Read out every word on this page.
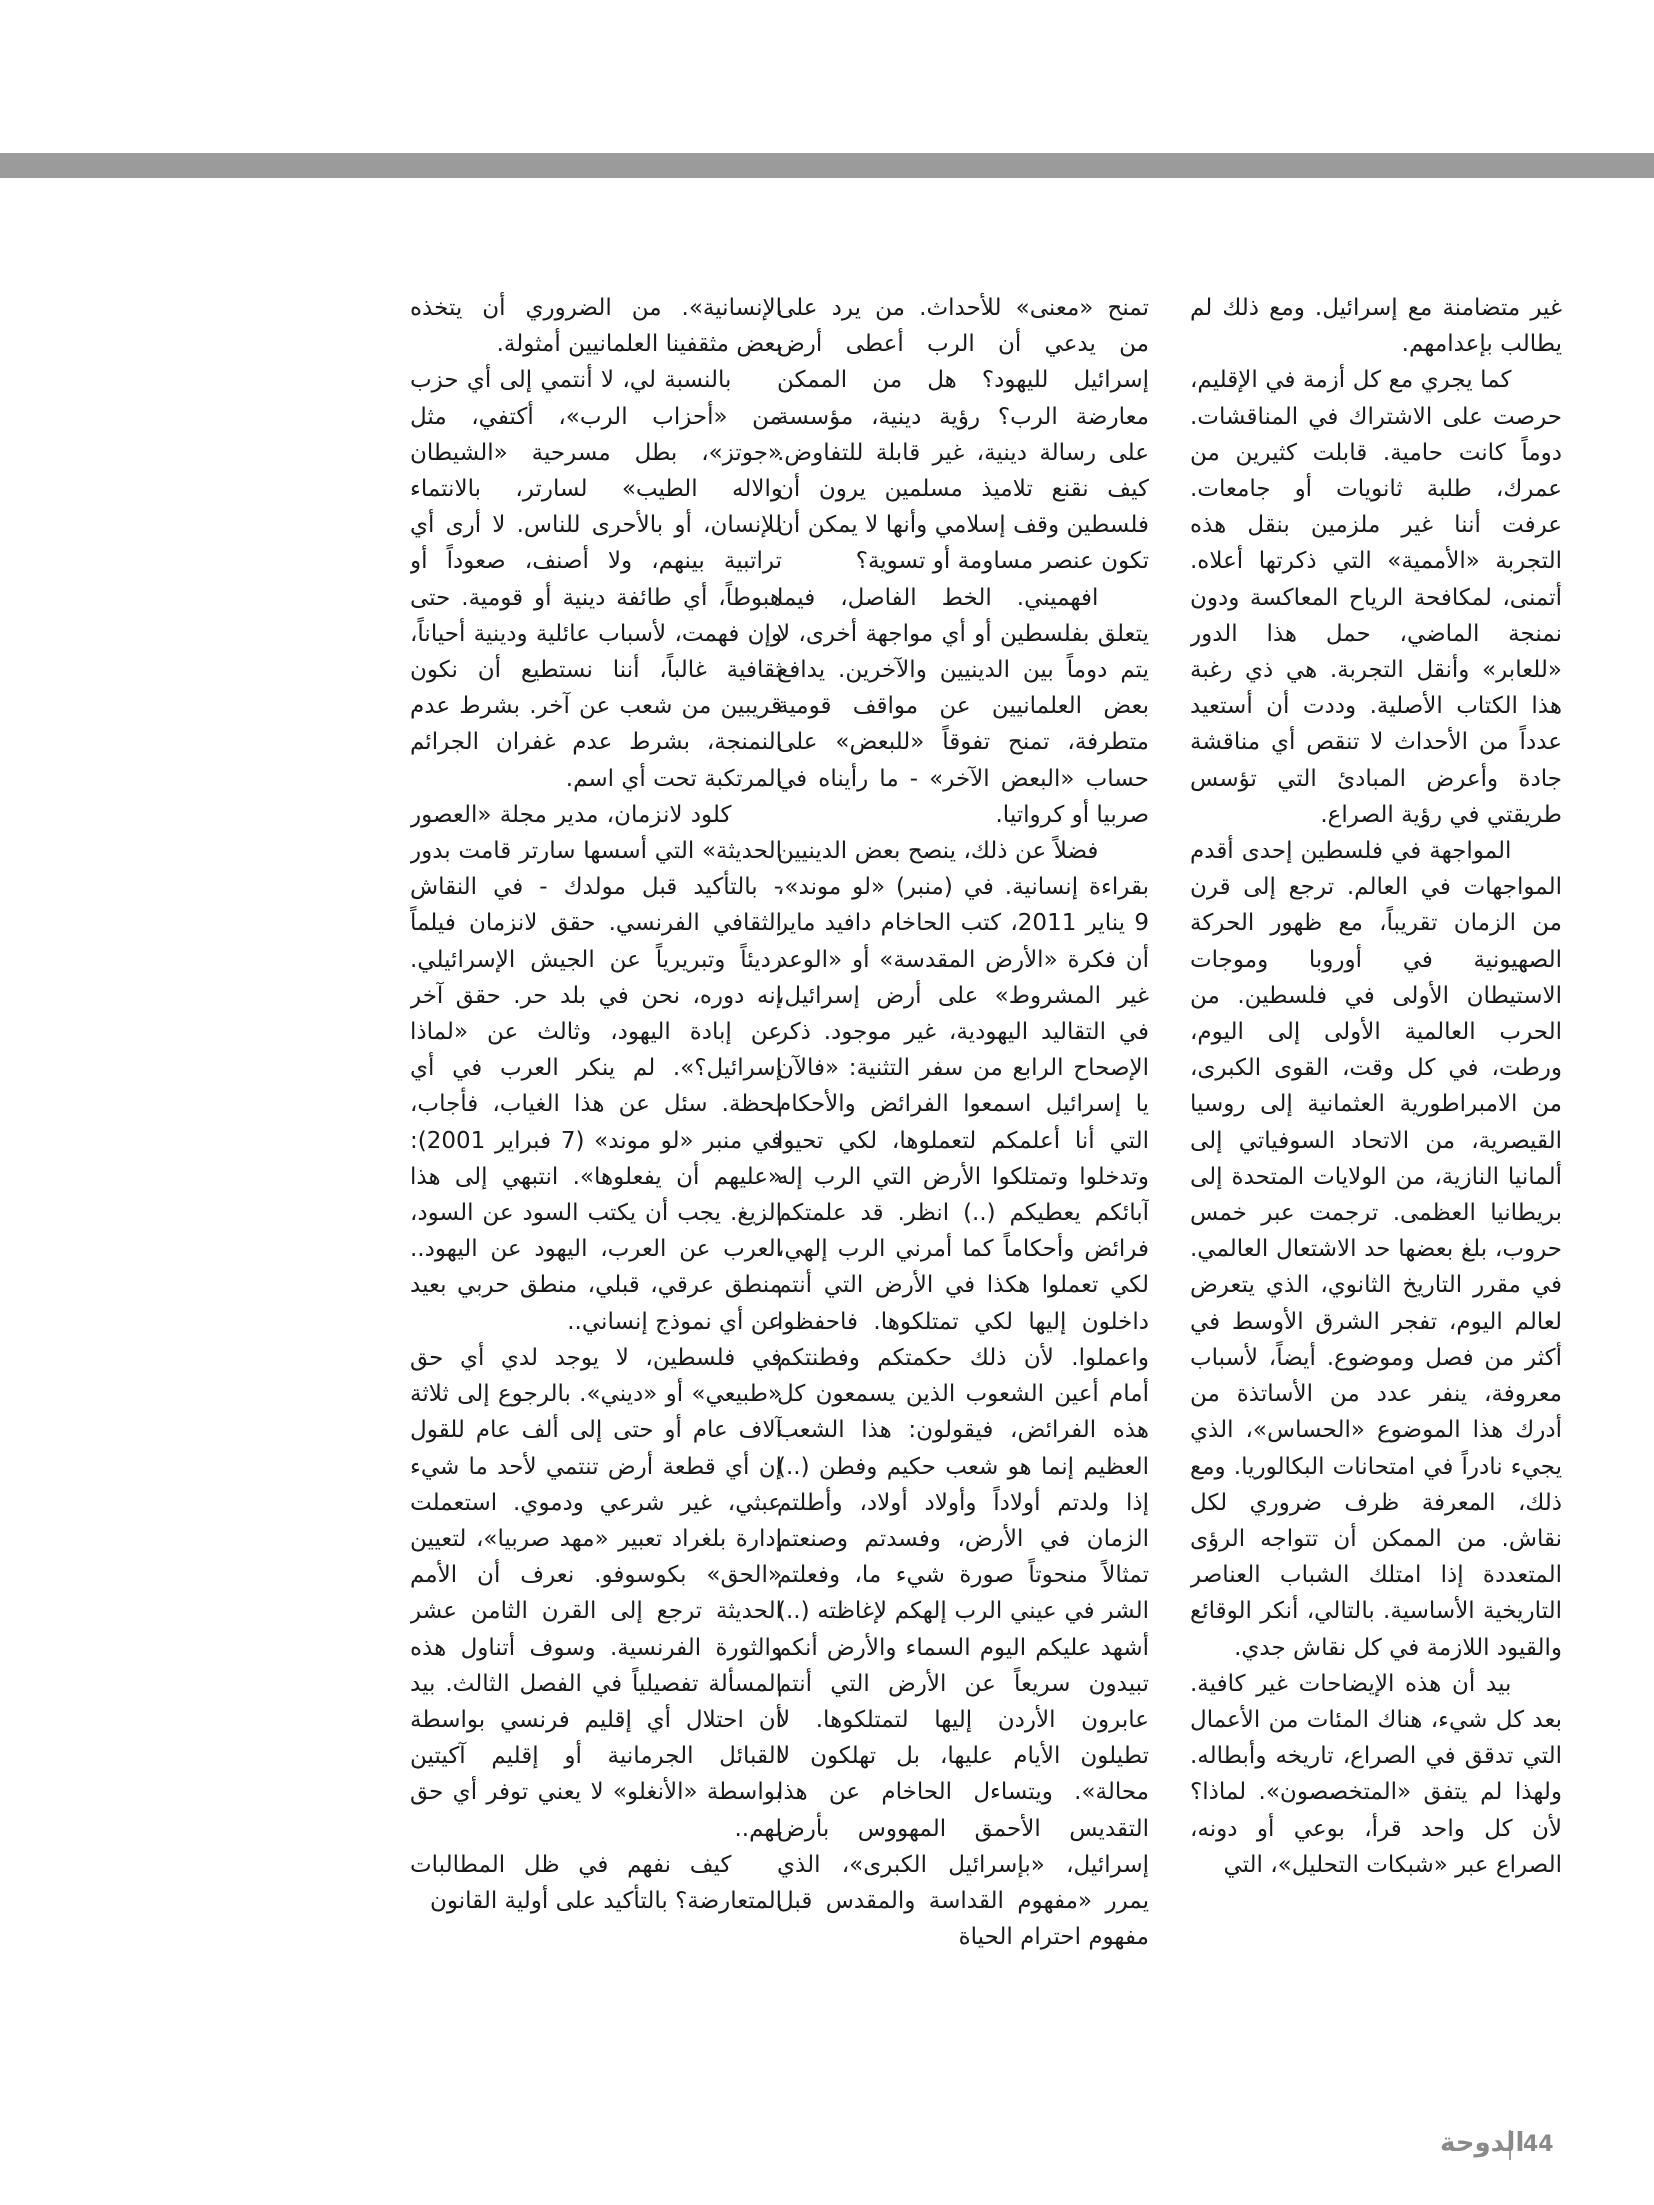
غير متضامنة مع إسرائيل. ومع ذلك لم يطالب بإعدامهم.

كما يجري مع كل أزمة في الإقليم، حرصت على الاشتراك في المناقشات. دوماً كانت حامية. قابلت كثيرين من عمرك، طلبة ثانويات أو جامعات. عرفت أننا غير ملزمين بنقل هذه التجربة «الأممية» التي ذكرتها أعلاه. أتمنى، لمكافحة الرياح المعاكسة ودون نمنجة الماضي، حمل هذا الدور «للعابر» وأنقل التجربة. هي ذي رغبة هذا الكتاب الأصلية. وددت أن أستعيد عدداً من الأحداث لا تنقص أي مناقشة جادة وأعرض المبادئ التي تؤسس طريقتي في رؤية الصراع.

المواجهة في فلسطين إحدى أقدم المواجهات في العالم. ترجع إلى قرن من الزمان تقريباً، مع ظهور الحركة الصهيونية في أوروبا وموجات الاستيطان الأولى في فلسطين. من الحرب العالمية الأولى إلى اليوم، ورطت، في كل وقت، القوى الكبرى، من الامبراطورية العثمانية إلى روسيا القيصرية، من الاتحاد السوفياتي إلى ألمانيا النازية، من الولايات المتحدة إلى بريطانيا العظمى. ترجمت عبر خمس حروب، بلغ بعضها حد الاشتعال العالمي. في مقرر التاريخ الثانوي، الذي يتعرض لعالم اليوم، تفجر الشرق الأوسط في أكثر من فصل وموضوع. أيضاً، لأسباب معروفة، ينفر عدد من الأساتذة من أدرك هذا الموضوع «الحساس»، الذي يجيء نادراً في امتحانات البكالوريا. ومع ذلك، المعرفة ظرف ضروري لكل نقاش. من الممكن أن تتواجه الرؤى المتعددة إذا امتلك الشباب العناصر التاريخية الأساسية. بالتالي، أنكر الوقائع والقيود اللازمة في كل نقاش جدي.

بيد أن هذه الإيضاحات غير كافية. بعد كل شيء، هناك المئات من الأعمال التي تدقق في الصراع، تاريخه وأبطاله. ولهذا لم يتفق «المتخصصون». لماذا؟ لأن كل واحد قرأ، بوعي أو دونه، الصراع عبر «شبكات التحليل»، التي

تمنح «معنى» للأحداث. من يرد على من يدعي أن الرب أعطى أرض إسرائيل لليهود؟ هل من الممكن معارضة الرب؟ رؤية دينية، مؤسسة على رسالة دينية، غير قابلة للتفاوض. كيف نقنع تلاميذ مسلمين يرون أن فلسطين وقف إسلامي وأنها لا يمكن أن تكون عنصر مساومة أو تسوية؟

افهميني. الخط الفاصل، فيما يتعلق بفلسطين أو أي مواجهة أخرى، لا يتم دوماً بين الدينيين والآخرين. يدافع بعض العلمانيين عن مواقف قومية متطرفة، تمنح تفوقاً «للبعض» على حساب «البعض الآخر» - ما رأيناه في صربيا أو كرواتيا.

فضلاً عن ذلك، ينصح بعض الدينيين بقراءة إنسانية. في (منبر) «لو موند»، 9 يناير 2011، كتب الحاخام دافيد ماير أن فكرة «الأرض المقدسة» أو «الوعد غير المشروط» على أرض إسرائيل، في التقاليد اليهودية، غير موجود. ذكر الإصحاح الرابع من سفر التثنية: «فالآن يا إسرائيل اسمعوا الفرائض والأحكام التي أنا أعلمكم لتعملوها، لكي تحيوا وتدخلوا وتمتلكوا الأرض التي الرب إله آبائكم يعطيكم (..) انظر. قد علمتكم فرائض وأحكاماً كما أمرني الرب إلهي، لكي تعملوا هكذا في الأرض التي أنتم داخلون إليها لكي تمتلكوها. فاحفظوا واعملوا. لأن ذلك حكمتكم وفطنتكم أمام أعين الشعوب الذين يسمعون كل هذه الفرائض، فيقولون: هذا الشعب العظيم إنما هو شعب حكيم وفطن (..) إذا ولدتم أولاداً وأولاد أولاد، وأطلتم الزمان في الأرض، وفسدتم وصنعتم تمثالاً منحوتاً صورة شيء ما، وفعلتم الشر في عيني الرب إلهكم لإغاظته (..) أشهد عليكم اليوم السماء والأرض أنكم تبيدون سريعاً عن الأرض التي أنتم عابرون الأردن إليها لتمتلكوها. لا تطيلون الأيام عليها، بل تهلكون لا محالة». ويتساءل الحاخام عن هذا التقديس الأحمق المهووس بأرض إسرائيل، «بإسرائيل الكبرى»، الذي يمرر «مفهوم القداسة والمقدس قبل مفهوم احترام الحياة

الإنسانية». من الضروري أن يتخذه بعض مثقفينا العلمانيين أمثولة.

بالنسبة لي، لا أنتمي إلى أي حزب من «أحزاب الرب»، أكتفي، مثل «جوتز»، بطل مسرحية «الشيطان والاله الطيب» لسارتر، بالانتماء للإنسان، أو بالأحرى للناس. لا أرى أي تراتبية بينهم، ولا أصنف، صعوداً أو هبوطاً، أي طائفة دينية أو قومية. حتى وإن فهمت، لأسباب عائلية ودينية أحياناً، ثقافية غالباً، أننا نستطيع أن نكون قريبين من شعب عن آخر. بشرط عدم النمنجة، بشرط عدم غفران الجرائم المرتكبة تحت أي اسم.

كلود لانزمان، مدير مجلة «العصور الحديثة» التي أسسها سارتر قامت بدور - بالتأكيد قبل مولدك - في النقاش الثقافي الفرنسي. حقق لانزمان فيلماً رديئاً وتبريرياً عن الجيش الإسرائيلي. إنه دوره، نحن في بلد حر. حقق آخر عن إبادة اليهود، وثالث عن «لماذا إسرائيل؟». لم ينكر العرب في أي لحظة. سئل عن هذا الغياب، فأجاب، في منبر «لو موند» (7 فبراير 2001): «عليهم أن يفعلوها». انتبهي إلى هذا الزيغ. يجب أن يكتب السود عن السود، العرب عن العرب، اليهود عن اليهود.. منطق عرقي، قبلي، منطق حربي بعيد عن أي نموذج إنساني..

في فلسطين، لا يوجد لدي أي حق «طبيعي» أو «ديني». بالرجوع إلى ثلاثة آلاف عام أو حتى إلى ألف عام للقول إن أي قطعة أرض تنتمي لأحد ما شيء عبثي، غير شرعي ودموي. استعملت إدارة بلغراد تعبير «مهد صربيا»، لتعيين «الحق» بكوسوفو. نعرف أن الأمم الحديثة ترجع إلى القرن الثامن عشر والثورة الفرنسية. وسوف أتناول هذه المسألة تفصيلياً في الفصل الثالث. بيد أن احتلال أي إقليم فرنسي بواسطة القبائل الجرمانية أو إقليم آكيتين بواسطة «الأنغلو» لا يعني توفر أي حق لهم..

كيف نفهم في ظل المطالبات المتعارضة؟ بالتأكيد على أولية القانون

44
الدوحة
